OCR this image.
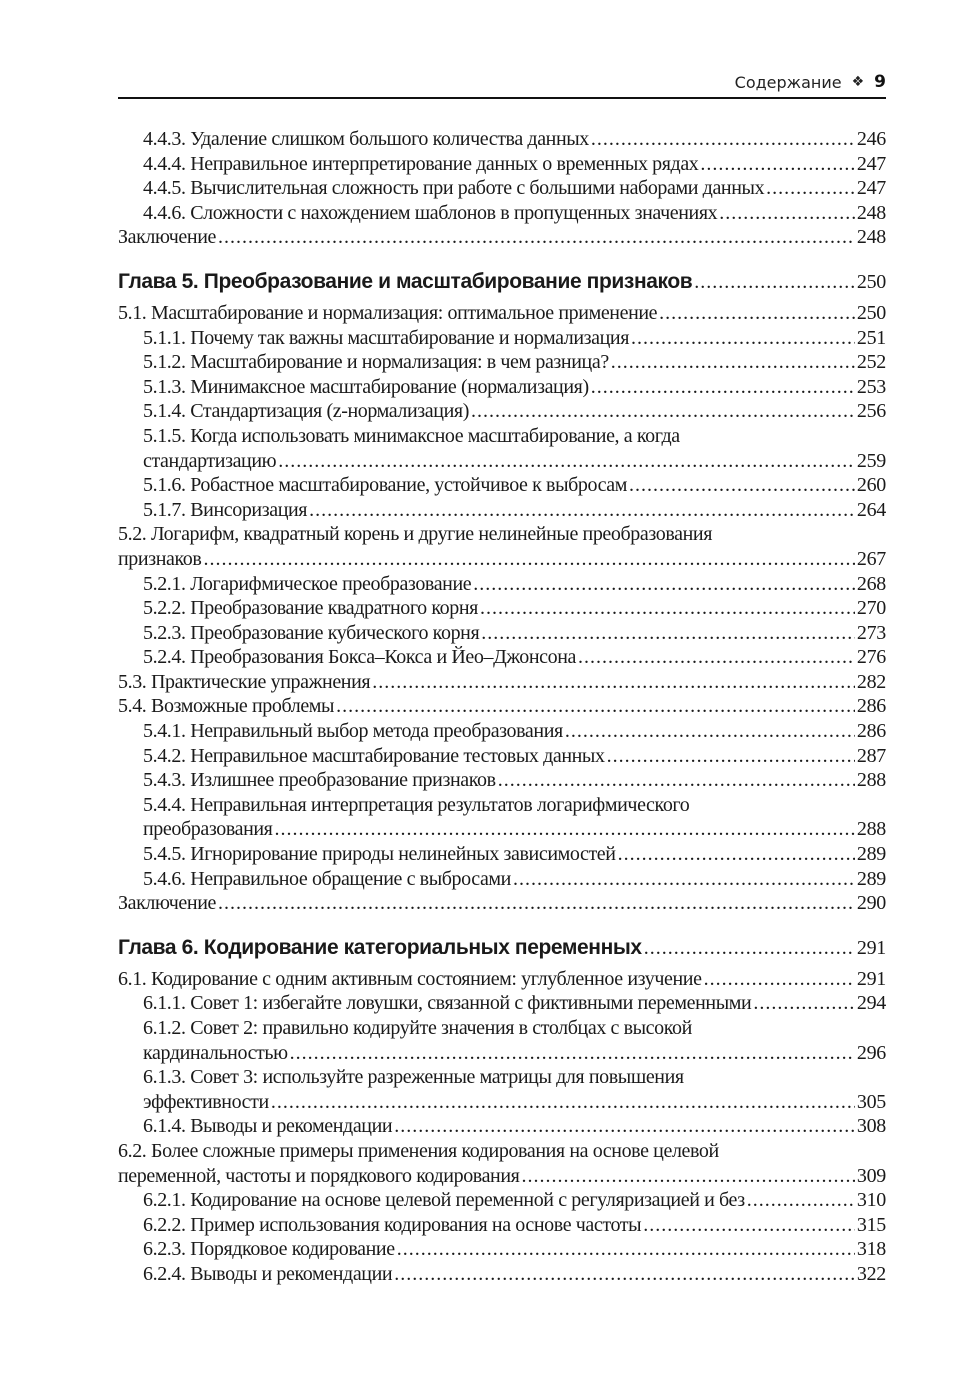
Содержание ❖ 9
4.4.3. Удаление слишком большого количества данных .....	246
4.4.4. Неправильное интерпретирование данных о временных рядах .....	247
4.4.5. Вычислительная сложность при работе с большими наборами данных .....	247
4.4.6. Сложности с нахождением шаблонов в пропущенных значениях .....	248
Заключение .....	248
Глава 5. Преобразование и масштабирование признаков .....	250
5.1. Масштабирование и нормализация: оптимальное применение .....	250
5.1.1. Почему так важны масштабирование и нормализация .....	251
5.1.2. Масштабирование и нормализация: в чем разница? .....	252
5.1.3. Минимаксное масштабирование (нормализация) .....	253
5.1.4. Стандартизация (z-нормализация) .....	256
5.1.5. Когда использовать минимаксное масштабирование, а когда
стандартизацию .....	259
5.1.6. Робастное масштабирование, устойчивое к выбросам .....	260
5.1.7. Винсоризация .....	264
5.2. Логарифм, квадратный корень и другие нелинейные преобразования
признаков .....	267
5.2.1. Логарифмическое преобразование .....	268
5.2.2. Преобразование квадратного корня .....	270
5.2.3. Преобразование кубического корня .....	273
5.2.4. Преобразования Бокса–Кокса и Йео–Джонсона .....	276
5.3. Практические упражнения .....	282
5.4. Возможные проблемы .....	286
5.4.1. Неправильный выбор метода преобразования .....	286
5.4.2. Неправильное масштабирование тестовых данных .....	287
5.4.3. Излишнее преобразование признаков .....	288
5.4.4. Неправильная интерпретация результатов логарифмического
преобразования .....	288
5.4.5. Игнорирование природы нелинейных зависимостей .....	289
5.4.6. Неправильное обращение с выбросами .....	289
Заключение .....	290
Глава 6. Кодирование категориальных переменных .....	291
6.1. Кодирование с одним активным состоянием: углубленное изучение .....	291
6.1.1. Совет 1: избегайте ловушки, связанной с фиктивными переменными .....	294
6.1.2. Совет 2: правильно кодируйте значения в столбцах с высокой
кардинальностью .....	296
6.1.3. Совет 3: используйте разреженные матрицы для повышения
эффективности .....	305
6.1.4. Выводы и рекомендации .....	308
6.2. Более сложные примеры применения кодирования на основе целевой
переменной, частоты и порядкового кодирования .....	309
6.2.1. Кодирование на основе целевой переменной с регуляризацией и без .....	310
6.2.2. Пример использования кодирования на основе частоты .....	315
6.2.3. Порядковое кодирование .....	318
6.2.4. Выводы и рекомендации .....	322
